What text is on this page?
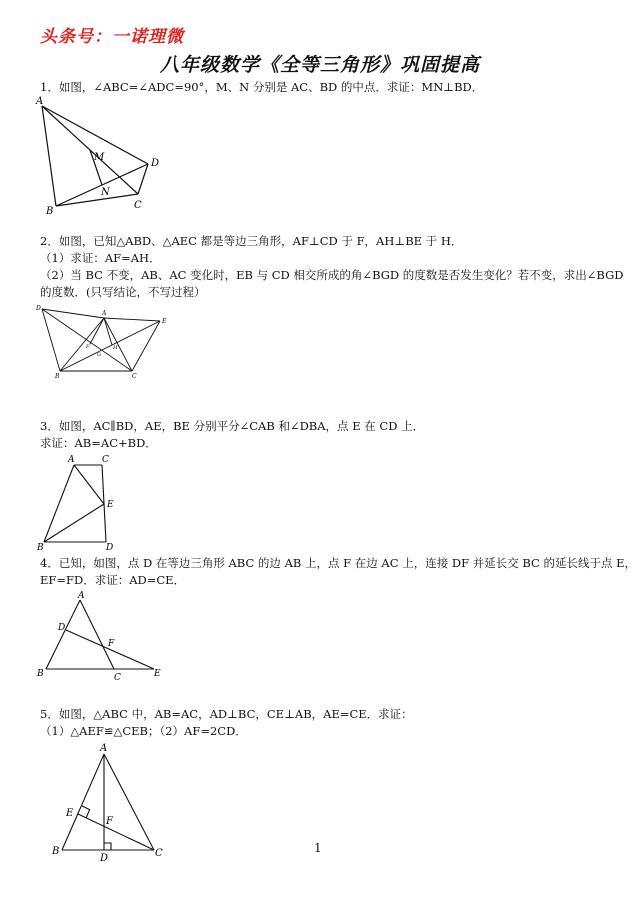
头条号：一诺理微
八年级数学《全等三角形》巩固提高
1．如图，∠ABC=∠ADC=90°，M、N 分别是 AC、BD 的中点．求证：MN⊥BD．
A
M
D
N
B
C
2．如图，已知△ABD、△AEC 都是等边三角形，AF⊥CD 于 F，AH⊥BE 于 H．
（1）求证：AF=AH．
（2）当 BC 不变，AB、AC 变化时，EB 与 CD 相交所成的角∠BGD 的度数是否发生变化？若不变，求出∠BGD
的度数．(只写结论，不写过程）
D
A
E
F	H
G
B	C
3．如图，AC∥BD，AE，BE 分别平分∠CAB 和∠DBA，点 E 在 CD 上．
求证：AB=AC+BD．
A	C
E
B	D
4．已知，如图，点 D 在等边三角形 ABC 的边 AB 上，点 F 在边 AC 上，连接 DF 并延长交 BC 的延长线于点 E，
EF=FD．求证：AD=CE．
A
D
F
B	C	E
5．如图，△ABC 中，AB=AC，AD⊥BC，CE⊥AB，AE=CE．求证：
（1）△AEF≌△CEB；（2）AF=2CD．
A
E
F
B
D	C	1
